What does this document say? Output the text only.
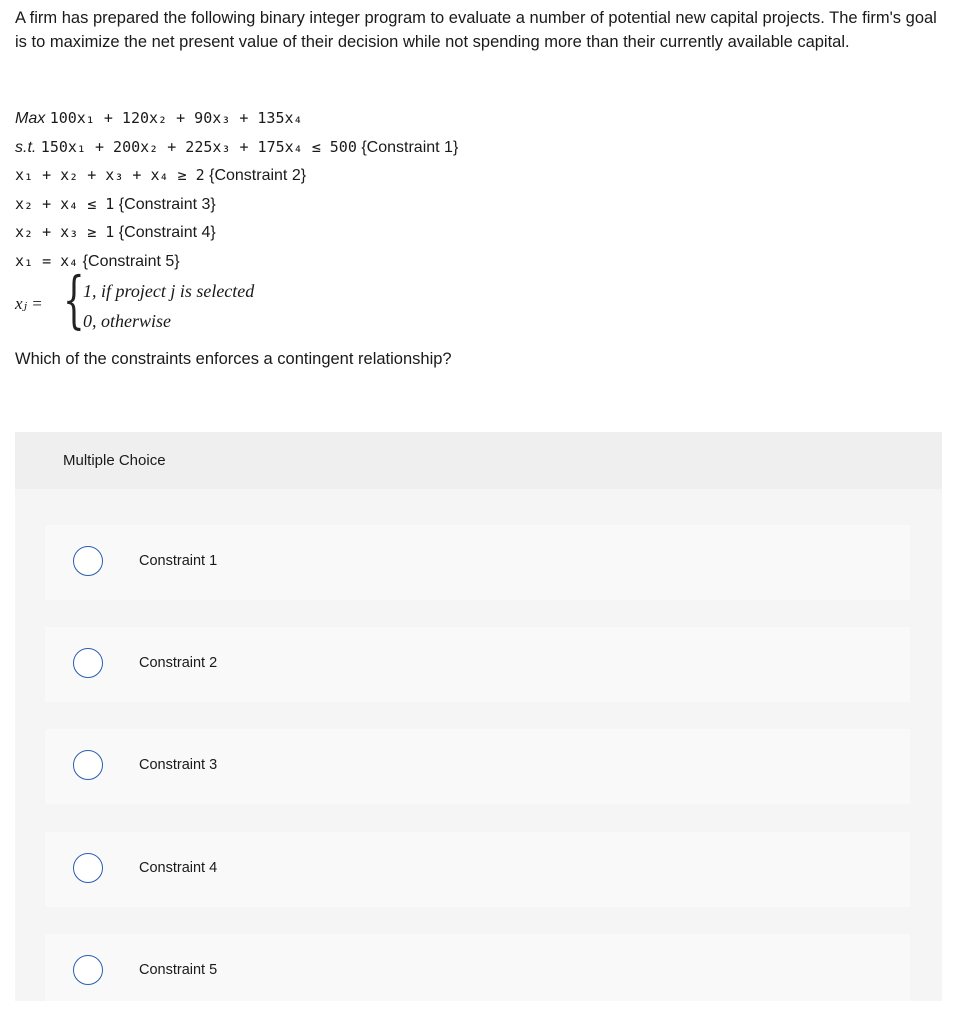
A firm has prepared the following binary integer program to evaluate a number of potential new capital projects. The firm's goal is to maximize the net present value of their decision while not spending more than their currently available capital.
Max 100x₁ + 120x₂ + 90x₃ + 135x₄
s.t. 150x₁ + 200x₂ + 225x₃ + 175x₄ ≤ 500 {Constraint 1}
x₁ + x₂ + x₃ + x₄ ≥ 2 {Constraint 2}
x₂ + x₄ ≤ 1 {Constraint 3}
x₂ + x₃ ≥ 1 {Constraint 4}
x₁ = x₄ {Constraint 5}
xⱼ = {
1, if project j is selected
0, otherwise
Which of the constraints enforces a contingent relationship?
Multiple Choice
Constraint 1
Constraint 2
Constraint 3
Constraint 4
Constraint 5
